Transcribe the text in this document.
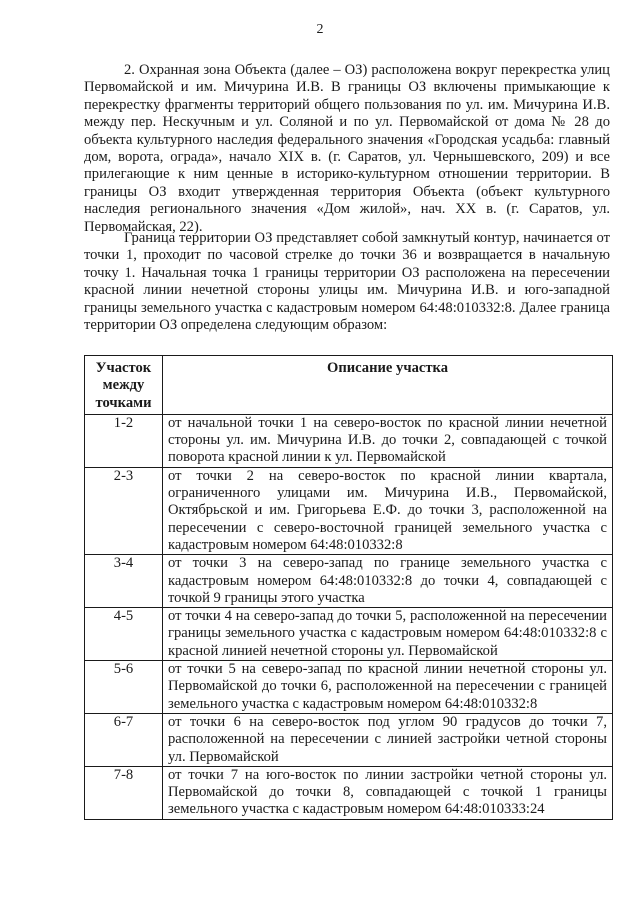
2

2. Охранная зона Объекта (далее – ОЗ) расположена вокруг перекрестка улиц Первомайской и им. Мичурина И.В. В границы ОЗ включены примыкающие к перекрестку фрагменты территорий общего пользования по ул. им. Мичурина И.В. между пер. Нескучным и ул. Соляной и по ул. Первомайской от дома № 28 до объекта культурного наследия федерального значения «Городская усадьба: главный дом, ворота, ограда», начало XIX в. (г. Саратов, ул. Чернышевского, 209) и все прилегающие к ним ценные в историко-культурном отношении территории. В границы ОЗ входит утвержденная территория Объекта (объект культурного наследия регионального значения «Дом жилой», нач. XX в. (г. Саратов, ул. Первомайская, 22).

Граница территории ОЗ представляет собой замкнутый контур, начинается от точки 1, проходит по часовой стрелке до точки 36 и возвращается в начальную точку 1. Начальная точка 1 границы территории ОЗ расположена на пересечении красной линии нечетной стороны улицы им. Мичурина И.В. и юго-западной границы земельного участка с кадастровым номером 64:48:010332:8. Далее граница территории ОЗ определена следующим образом:

Участок между точками	Описание участка
1-2	от начальной точки 1 на северо-восток по красной линии нечетной стороны ул. им. Мичурина И.В. до точки 2, совпадающей с точкой поворота красной линии к ул. Первомайской
2-3	от точки 2 на северо-восток по красной линии квартала, ограниченного улицами им. Мичурина И.В., Первомайской, Октябрьской и им. Григорьева Е.Ф. до точки 3, расположенной на пересечении с северо-восточной границей земельного участка с кадастровым номером 64:48:010332:8
3-4	от точки 3 на северо-запад по границе земельного участка с кадастровым номером 64:48:010332:8 до точки 4, совпадающей с точкой 9 границы этого участка
4-5	от точки 4 на северо-запад до точки 5, расположенной на пересечении границы земельного участка с кадастровым номером 64:48:010332:8 с красной линией нечетной стороны ул. Первомайской
5-6	от точки 5 на северо-запад по красной линии нечетной стороны ул. Первомайской до точки 6, расположенной на пересечении с границей земельного участка с кадастровым номером 64:48:010332:8
6-7	от точки 6 на северо-восток под углом 90 градусов до точки 7, расположенной на пересечении с линией застройки четной стороны ул. Первомайской
7-8	от точки 7 на юго-восток по линии застройки четной стороны ул. Первомайской до точки 8, совпадающей с точкой 1 границы земельного участка с кадастровым номером 64:48:010333:24
